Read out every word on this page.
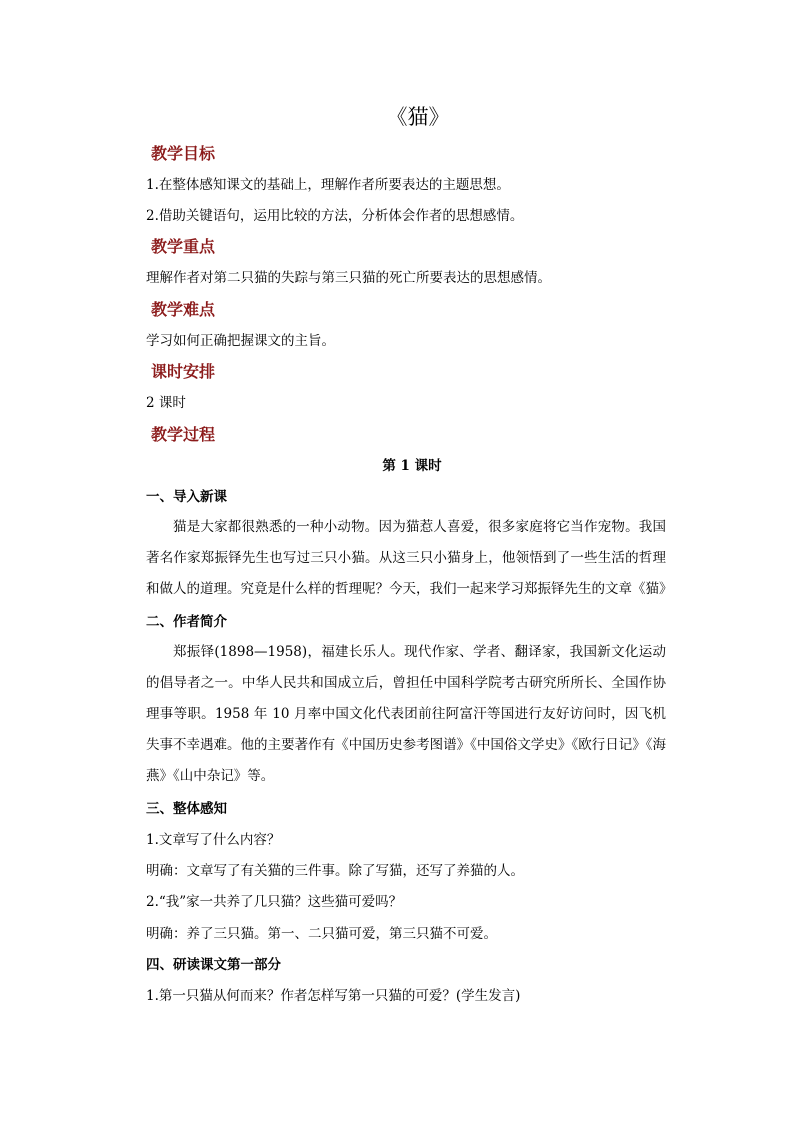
《猫》
教学目标
1.在整体感知课文的基础上，理解作者所要表达的主题思想。
2.借助关键语句，运用比较的方法，分析体会作者的思想感情。
教学重点
理解作者对第二只猫的失踪与第三只猫的死亡所要表达的思想感情。
教学难点
学习如何正确把握课文的主旨。
课时安排
2 课时
教学过程
第 1 课时
一、导入新课

猫是大家都很熟悉的一种小动物。因为猫惹人喜爱，很多家庭将它当作宠物。我国著名作家郑振铎先生也写过三只小猫。从这三只小猫身上，他领悟到了一些生活的哲理和做人的道理。究竟是什么样的哲理呢？今天，我们一起来学习郑振铎先生的文章《猫》

二、作者简介

郑振铎(1898—1958)，福建长乐人。现代作家、学者、翻译家，我国新文化运动的倡导者之一。中华人民共和国成立后，曾担任中国科学院考古研究所所长、全国作协理事等职。1958 年 10 月率中国文化代表团前往阿富汗等国进行友好访问时，因飞机失事不幸遇难。他的主要著作有《中国历史参考图谱》《中国俗文学史》《欧行日记》《海燕》《山中杂记》等。

三、整体感知
1.文章写了什么内容？
明确：文章写了有关猫的三件事。除了写猫，还写了养猫的人。
2.“我”家一共养了几只猫？这些猫可爱吗？
明确：养了三只猫。第一、二只猫可爱，第三只猫不可爱。
四、研读课文第一部分
1.第一只猫从何而来？作者怎样写第一只猫的可爱？(学生发言)
